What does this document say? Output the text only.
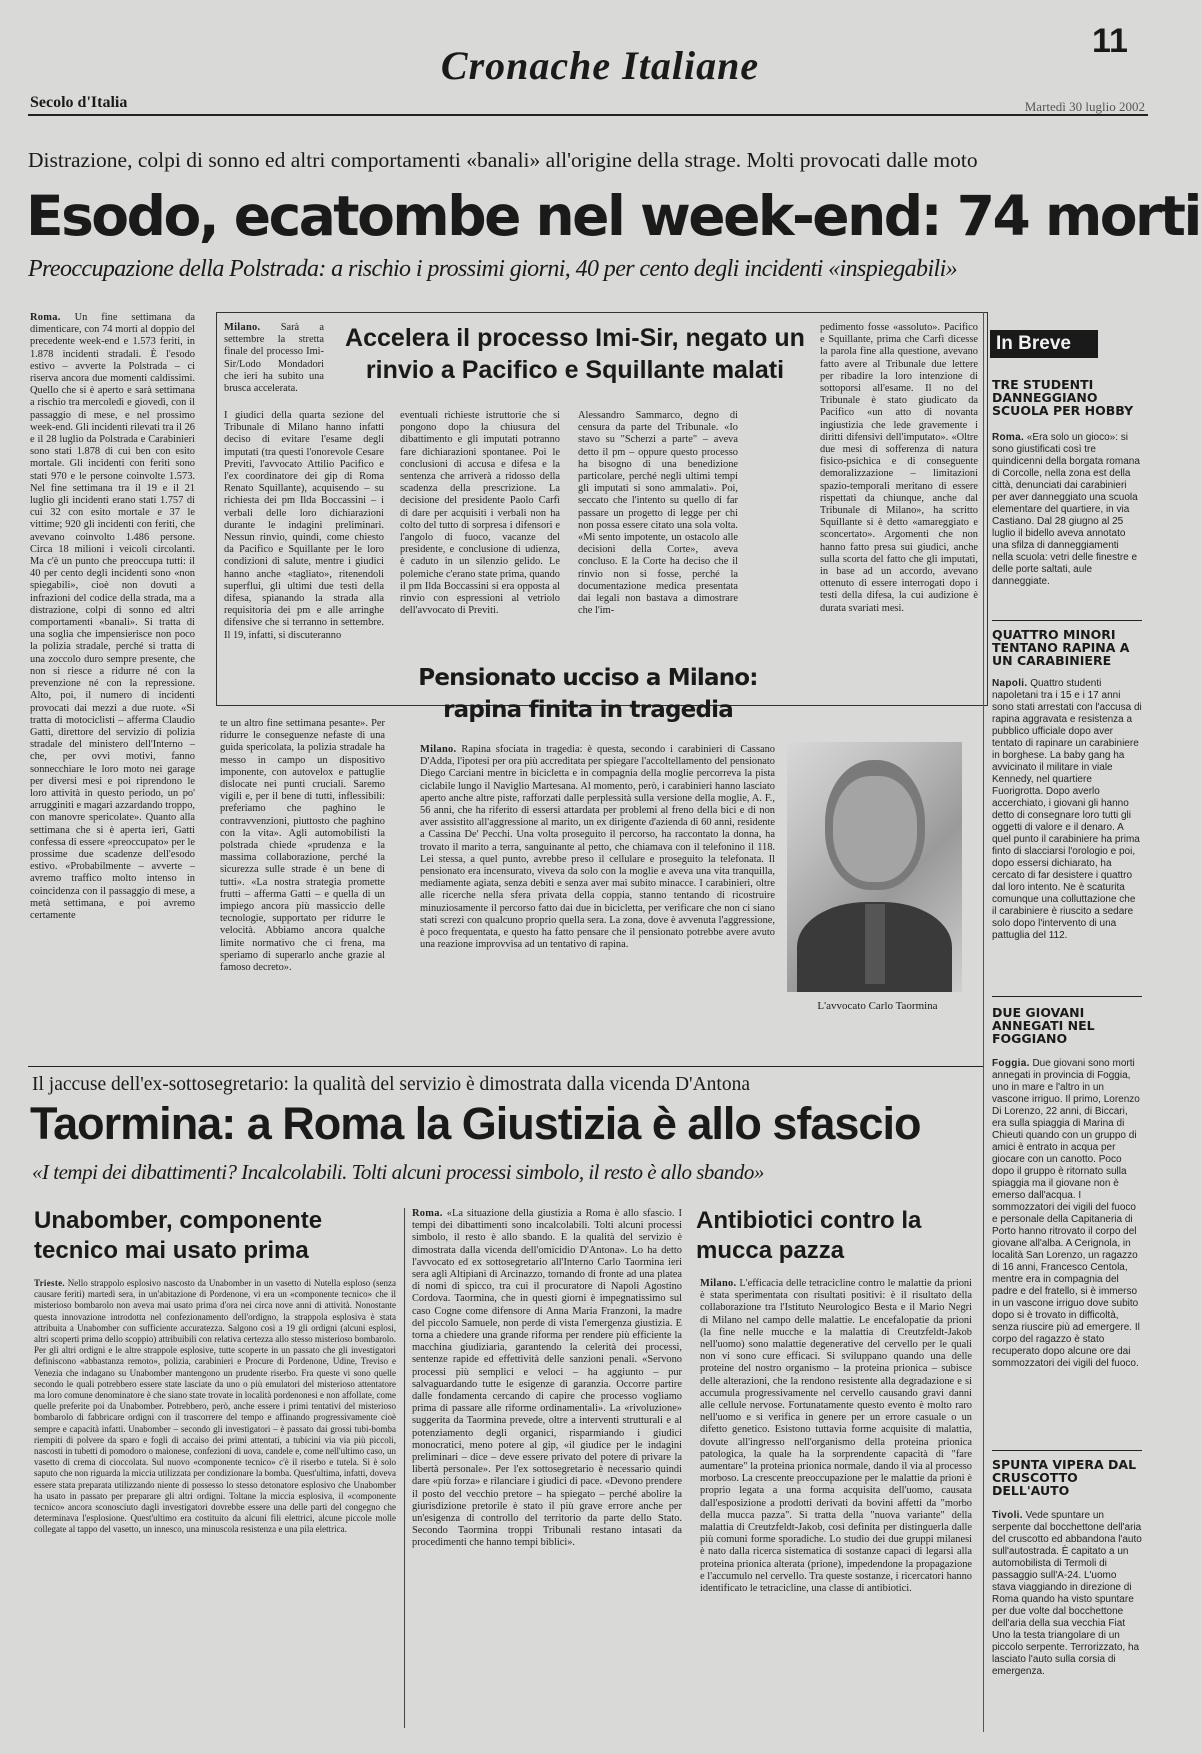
Cronache Italiane
11
Secolo d'Italia	Martedì 30 luglio 2002
Distrazione, colpi di sonno ed altri comportamenti «banali» all'origine della strage. Molti provocati dalle moto
Esodo, ecatombe nel week-end: 74 morti
Preoccupazione della Polstrada: a rischio i prossimi giorni, 40 per cento degli incidenti «inspiegabili»
Roma. Un fine settimana da dimenticare, con 74 morti al doppio del precedente week-end e 1.573 feriti, in 1.878 incidenti stradali. È l'esodo estivo – avverte la Polstrada – ci riserva ancora due momenti caldissimi. Quello che si è aperto e sarà settimana a rischio tra mercoledì e giovedì, con il passaggio di mese, e nel prossimo week-end. Gli incidenti rilevati tra il 26 e il 28 luglio da Polstrada e Carabinieri sono stati 1.878 di cui ben con esito mortale. Gli incidenti con feriti sono stati 970 e le persone coinvolte 1.573. Nel fine settimana tra il 19 e il 21 luglio gli incidenti erano stati 1.757 di cui 32 con esito mortale e 37 le vittime; 920 gli incidenti con feriti, che avevano coinvolto 1.486 persone. Circa 18 milioni i veicoli circolanti. Ma c'è un punto che preoccupa tutti: il 40 per cento degli incidenti sono «non spiegabili», cioè non dovuti a infrazioni del codice della strada, ma a distrazione, colpi di sonno ed altri comportamenti «banali». Si tratta di una soglia che impensierisce non poco la polizia stradale, perché si tratta di una zoccolo duro sempre presente, che non si riesce a ridurre né con la prevenzione né con la repressione. Alto, poi, il numero di incidenti provocati dai mezzi a due ruote. «Si tratta di motociclisti – afferma Claudio Gatti, direttore del servizio di polizia stradale del ministero dell'Interno – che, per ovvi motivi, fanno sonnecchiare le loro moto nei garage per diversi mesi e poi riprendono le loro attività in questo periodo, un po' arrugginiti e magari azzardando troppo, con manovre spericolate». Quanto alla settimana che si è aperta ieri, Gatti confessa di essere «preoccupato» per le prossime due scadenze dell'esodo estivo. «Probabilmente – avverte – avremo traffico molto intenso in coincidenza con il passaggio di mese, a metà settimana, e poi avremo certamente
Milano. Sarà a settembre la stretta finale del processo Imi-Sir/Lodo Mondadori che ieri ha subito una brusca accelerata.
Accelera il processo Imi-Sir, negato un rinvio a Pacifico e Squillante malati
I giudici della quarta sezione del Tribunale di Milano hanno infatti deciso di evitare l'esame degli imputati (tra questi l'onorevole Cesare Previti, l'avvocato Attilio Pacifico e l'ex coordinatore dei gip di Roma Renato Squillante), acquisendo – su richiesta dei pm Ilda Boccassini – i verbali delle loro dichiarazioni durante le indagini preliminari. Nessun rinvio, quindi, come chiesto da Pacifico e Squillante per le loro condizioni di salute, mentre i giudici hanno anche «tagliato», ritenendoli superflui, gli ultimi due testi della difesa, spianando la strada alla requisitoria dei pm e alle arringhe difensive che si terranno in settembre. Il 19, infatti, si discuteranno
eventuali richieste istruttorie che si pongono dopo la chiusura del dibattimento e gli imputati potranno fare dichiarazioni spontanee. Poi le conclusioni di accusa e difesa e la sentenza che arriverà a ridosso della scadenza della prescrizione. La decisione del presidente Paolo Carfì di dare per acquisiti i verbali non ha colto del tutto di sorpresa i difensori e l'angolo di fuoco, vacanze del presidente, e conclusione di udienza, è caduto in un silenzio gelido. Le polemiche c'erano state prima, quando il pm Ilda Boccassini si era opposta al rinvio con espressioni al vetriolo dell'avvocato di Previti.
Alessandro Sammarco, degno di censura da parte del Tribunale. «Io stavo su "Scherzi a parte" – aveva detto il pm – oppure questo processo ha bisogno di una benedizione particolare, perché negli ultimi tempi gli imputati si sono ammalati». Poi, seccato che l'intento su quello di far passare un progetto di legge per chi non possa essere citato una sola volta. «Mi sento impotente, un ostacolo alle decisioni della Corte», aveva concluso. E la Corte ha deciso che il rinvio non si fosse, perché la documentazione medica presentata dai legali non bastava a dimostrare che l'im-
pedimento fosse «assoluto». Pacifico e Squillante, prima che Carfì dicesse la parola fine alla questione, avevano fatto avere al Tribunale due lettere per ribadire la loro intenzione di sottoporsi all'esame. Il no del Tribunale è stato giudicato da Pacifico «un atto di novanta ingiustizia che lede gravemente i diritti difensivi dell'imputato». «Oltre due mesi di sofferenza di natura fisico-psichica e di conseguente demoralizzazione – limitazioni spazio-temporali meritano di essere rispettati da chiunque, anche dal Tribunale di Milano», ha scritto Squillante si è detto «amareggiato e sconcertato». Argomenti che non hanno fatto presa sui giudici, anche sulla scorta del fatto che gli imputati, in base ad un accordo, avevano ottenuto di essere interrogati dopo i testi della difesa, la cui audizione è durata svariati mesi.
te un altro fine settimana pesante». Per ridurre le conseguenze nefaste di una guida spericolata, la polizia stradale ha messo in campo un dispositivo imponente, con autovelox e pattuglie dislocate nei punti cruciali. Saremo vigili e, per il bene di tutti, inflessibili: preferiamo che paghino le contravvenzioni, piuttosto che paghino con la vita». Agli automobilisti la polstrada chiede «prudenza e la massima collaborazione, perché la sicurezza sulle strade è un bene di tutti». «La nostra strategia promette frutti – afferma Gatti – e quella di un impiego ancora più massiccio delle tecnologie, supportato per ridurre le velocità. Abbiamo ancora qualche limite normativo che ci frena, ma speriamo di superarlo anche grazie al famoso decreto».
Pensionato ucciso a Milano: rapina finita in tragedia
Milano. Rapina sfociata in tragedia: è questa, secondo i carabinieri di Cassano D'Adda, l'ipotesi per ora più accreditata per spiegare l'accoltellamento del pensionato Diego Carciani mentre in bicicletta e in compagnia della moglie percorreva la pista ciclabile lungo il Naviglio Martesana. Al momento, però, i carabinieri hanno lasciato aperto anche altre piste, rafforzati dalle perplessità sulla versione della moglie, A. F., 56 anni, che ha riferito di essersi attardata per problemi al freno della bici e di non aver assistito all'aggressione al marito, un ex dirigente d'azienda di 60 anni, residente a Cassina De' Pecchi. Una volta proseguito il percorso, ha raccontato la donna, ha trovato il marito a terra, sanguinante al petto, che chiamava con il telefonino il 118. Lei stessa, a quel punto, avrebbe preso il cellulare e proseguito la telefonata. Il pensionato era incensurato, viveva da solo con la moglie e aveva una vita tranquilla, mediamente agiata, senza debiti e senza aver mai subito minacce. I carabinieri, oltre alle ricerche nella sfera privata della coppia, stanno tentando di ricostruire minuziosamente il percorso fatto dai due in bicicletta, per verificare che non ci siano stati screzi con qualcuno proprio quella sera. La zona, dove è avvenuta l'aggressione, è poco frequentata, e questo ha fatto pensare che il pensionato potrebbe avere avuto una reazione improvvisa ad un tentativo di rapina.
L'avvocato Carlo Taormina
Il jaccuse dell'ex-sottosegretario: la qualità del servizio è dimostrata dalla vicenda D'Antona
Taormina: a Roma la Giustizia è allo sfascio
«I tempi dei dibattimenti? Incalcolabili. Tolti alcuni processi simbolo, il resto è allo sbando»
Unabomber, componente tecnico mai usato prima
Trieste. Nello strappolo esplosivo nascosto da Unabomber in un vasetto di Nutella esploso (senza causare feriti) martedì sera, in un'abitazione di Pordenone, vi era un «componente tecnico» che il misterioso bombarolo non aveva mai usato prima d'ora nei circa nove anni di attività. Nonostante questa innovazione introdotta nel confezionamento dell'ordigno, la strappola esplosiva è stata attribuita a Unabomber con sufficiente accuratezza. Salgono così a 19 gli ordigni (alcuni esplosi, altri scoperti prima dello scoppio) attribuibili con relativa certezza allo stesso misterioso bombarolo. Per gli altri ordigni e le altre strappole esplosive, tutte scoperte in un passato che gli investigatori definiscono «abbastanza remoto», polizia, carabinieri e Procure di Pordenone, Udine, Treviso e Venezia che indagano su Unabomber mantengono un prudente riserbo. Fra queste vi sono quelle secondo le quali potrebbero essere state lasciate da uno o più emulatori del misterioso attentatore ma loro comune denominatore è che siano state trovate in località pordenonesi e non affollate, come quelle preferite poi da Unabomber. Potrebbero, però, anche essere i primi tentativi del misterioso bombarolo di fabbricare ordigni con il trascorrere del tempo e affinando progressivamente cioè sempre e capacità infatti. Unabomber – secondo gli investigatori – è passato dai grossi tubi-bomba riempiti di polvere da sparo e fogli di accaiso dei primi attentati, a tubicini via via più piccoli, nascosti in tubetti di pomodoro o maionese, confezioni di uova, candele e, come nell'ultimo caso, un vasetto di crema di cioccolata. Sul nuovo «componente tecnico» c'è il riserbo e tutela. Si è solo saputo che non riguarda la miccia utilizzata per condizionare la bomba. Quest'ultima, infatti, doveva essere stata preparata utilizzando niente di possesso lo stesso detonatore esplosivo che Unabomber ha usato in passato per preparare gli altri ordigni. Toltane la miccia esplosiva, il «componente tecnico» ancora sconosciuto dagli investigatori dovrebbe essere una delle parti del congegno che determinava l'esplosione. Quest'ultimo era costituito da alcuni fili elettrici, alcune piccole molle collegate al tappo del vasetto, un innesco, una minuscola resistenza e una pila elettrica.
Roma. «La situazione della giustizia a Roma è allo sfascio. I tempi dei dibattimenti sono incalcolabili. Tolti alcuni processi simbolo, il resto è allo sbando. E la qualità del servizio è dimostrata dalla vicenda dell'omicidio D'Antona». Lo ha detto l'avvocato ed ex sottosegretario all'Interno Carlo Taormina ieri sera agli Altipiani di Arcinazzo, tornando di fronte ad una platea di nomi di spicco, tra cui il procuratore di Napoli Agostino Cordova. Taormina, che in questi giorni è impegnatissimo sul caso Cogne come difensore di Anna Maria Franzoni, la madre del piccolo Samuele, non perde di vista l'emergenza giustizia. E torna a chiedere una grande riforma per rendere più efficiente la macchina giudiziaria, garantendo la celerità dei processi, sentenze rapide ed effettività delle sanzioni penali. «Servono processi più semplici e veloci – ha aggiunto – pur salvaguardando tutte le esigenze di garanzia. Occorre partire dalle fondamenta cercando di capire che processo vogliamo prima di passare alle riforme ordinamentali». La «rivoluzione» suggerita da Taormina prevede, oltre a interventi strutturali e al potenziamento degli organici, risparmiando i giudici monocratici, meno potere al gip, «il giudice per le indagini preliminari – dice – deve essere privato del potere di privare la libertà personale». Per l'ex sottosegretario è necessario quindi dare «più forza» e rilanciare i giudici di pace. «Devono prendere il posto del vecchio pretore – ha spiegato – perché abolire la giurisdizione pretorile è stato il più grave errore anche per un'esigenza di controllo del territorio da parte dello Stato. Secondo Taormina troppi Tribunali restano intasati da procedimenti che hanno tempi biblici».
Antibiotici contro la mucca pazza
Milano. L'efficacia delle tetracicline contro le malattie da prioni è stata sperimentata con risultati positivi: è il risultato della collaborazione tra l'Istituto Neurologico Besta e il Mario Negri di Milano nel campo delle malattie. Le encefalopatie da prioni (la fine nelle mucche e la malattia di Creutzfeldt-Jakob nell'uomo) sono malattie degenerative del cervello per le quali non vi sono cure efficaci. Si sviluppano quando una delle proteine del nostro organismo – la proteina prionica – subisce delle alterazioni, che la rendono resistente alla degradazione e si accumula progressivamente nel cervello causando gravi danni alle cellule nervose. Fortunatamente questo evento è molto raro nell'uomo e si verifica in genere per un errore casuale o un difetto genetico. Esistono tuttavia forme acquisite di malattia, dovute all'ingresso nell'organismo della proteina prionica patologica, la quale ha la sorprendente capacità di "fare aumentare" la proteina prionica normale, dando il via al processo morboso. La crescente preoccupazione per le malattie da prioni è proprio legata a una forma acquisita dell'uomo, causata dall'esposizione a prodotti derivati da bovini affetti da "morbo della mucca pazza". Si tratta della "nuova variante" della malattia di Creutzfeldt-Jakob, così definita per distinguerla dalle più comuni forme sporadiche. Lo studio dei due gruppi milanesi è nato dalla ricerca sistematica di sostanze capaci di legarsi alla proteina prionica alterata (prione), impedendone la propagazione e l'accumulo nel cervello. Tra queste sostanze, i ricercatori hanno identificato le tetracicline, una classe di antibiotici.
In Breve
TRE STUDENTI DANNEGGIANO SCUOLA PER HOBBY
Roma. «Era solo un gioco»: si sono giustificati così tre quindicenni della borgata romana di Corcolle, nella zona est della città, denunciati dai carabinieri per aver danneggiato una scuola elementare del quartiere, in via Castiano. Dal 28 giugno al 25 luglio il bidello aveva annotato una sfilza di danneggiamenti nella scuola: vetri delle finestre e delle porte saltati, aule danneggiate.
QUATTRO MINORI TENTANO RAPINA A UN CARABINIERE
Napoli. Quattro studenti napoletani tra i 15 e i 17 anni sono stati arrestati con l'accusa di rapina aggravata e resistenza a pubblico ufficiale dopo aver tentato di rapinare un carabiniere in borghese. La baby gang ha avvicinato il militare in viale Kennedy, nel quartiere Fuorigrotta. Dopo averlo accerchiato, i giovani gli hanno detto di consegnare loro tutti gli oggetti di valore e il denaro. A quel punto il carabiniere ha prima finto di slacciarsi l'orologio e poi, dopo essersi dichiarato, ha cercato di far desistere i quattro dal loro intento. Ne è scaturita comunque una colluttazione che il carabiniere è riuscito a sedare solo dopo l'intervento di una pattuglia del 112.
DUE GIOVANI ANNEGATI NEL FOGGIANO
Foggia. Due giovani sono morti annegati in provincia di Foggia, uno in mare e l'altro in un vascone irriguo. Il primo, Lorenzo Di Lorenzo, 22 anni, di Biccari, era sulla spiaggia di Marina di Chieuti quando con un gruppo di amici è entrato in acqua per giocare con un canotto. Poco dopo il gruppo è ritornato sulla spiaggia ma il giovane non è emerso dall'acqua. I sommozzatori dei vigili del fuoco e personale della Capitaneria di Porto hanno ritrovato il corpo del giovane all'alba. A Cerignola, in località San Lorenzo, un ragazzo di 16 anni, Francesco Centola, mentre era in compagnia del padre e del fratello, si è immerso in un vascone irriguo dove subito dopo si è trovato in difficoltà, senza riuscire più ad emergere. Il corpo del ragazzo è stato recuperato dopo alcune ore dai sommozzatori dei vigili del fuoco.
SPUNTA VIPERA DAL CRUSCOTTO DELL'AUTO
Tivoli. Vede spuntare un serpente dal bocchettone dell'aria del cruscotto ed abbandona l'auto sull'autostrada. È capitato a un automobilista di Termoli di passaggio sull'A-24. L'uomo stava viaggiando in direzione di Roma quando ha visto spuntare per due volte dal bocchettone dell'aria della sua vecchia Fiat Uno la testa triangolare di un piccolo serpente. Terrorizzato, ha lasciato l'auto sulla corsia di emergenza.
